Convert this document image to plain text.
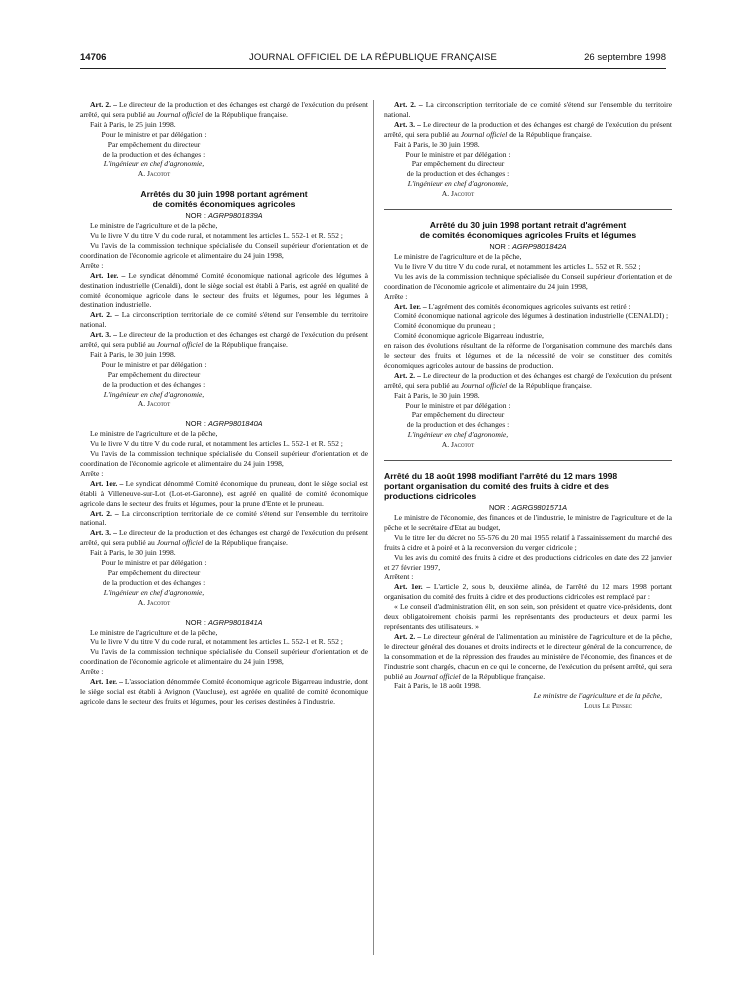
14706	JOURNAL OFFICIEL DE LA RÉPUBLIQUE FRANÇAISE	26 septembre 1998

Art. 2. – Le directeur de la production et des échanges est chargé de l'exécution du présent arrêté, qui sera publié au Journal officiel de la République française.

Fait à Paris, le 25 juin 1998.

Pour le ministre et par délégation :

Par empêchement du directeur

de la production et des échanges :

L'ingénieur en chef d'agronomie,

A. Jacotot

Arrêtés du 30 juin 1998 portant agrément
de comités économiques agricoles

NOR : AGRP9801839A

Le ministre de l'agriculture et de la pêche,

Vu le livre V du titre V du code rural, et notamment les articles L. 552-1 et R. 552 ;

Vu l'avis de la commission technique spécialisée du Conseil supérieur d'orientation et de coordination de l'économie agricole et alimentaire du 24 juin 1998,

Arrête :

Art. 1er. – Le syndicat dénommé Comité économique national agricole des légumes à destination industrielle (Cenaldi), dont le siège social est établi à Paris, est agréé en qualité de comité économique agricole dans le secteur des fruits et légumes, pour les légumes à destination industrielle.

Art. 2. – La circonscription territoriale de ce comité s'étend sur l'ensemble du territoire national.

Art. 3. – Le directeur de la production et des échanges est chargé de l'exécution du présent arrêté, qui sera publié au Journal officiel de la République française.

Fait à Paris, le 30 juin 1998.

Pour le ministre et par délégation :

Par empêchement du directeur

de la production et des échanges :

L'ingénieur en chef d'agronomie,

A. Jacotot

NOR : AGRP9801840A

Le ministre de l'agriculture et de la pêche,

Vu le livre V du titre V du code rural, et notamment les articles L. 552-1 et R. 552 ;

Vu l'avis de la commission technique spécialisée du Conseil supérieur d'orientation et de coordination de l'économie agricole et alimentaire du 24 juin 1998,

Arrête :

Art. 1er. – Le syndicat dénommé Comité économique du pruneau, dont le siège social est établi à Villeneuve-sur-Lot (Lot-et-Garonne), est agréé en qualité de comité économique agricole dans le secteur des fruits et légumes, pour la prune d'Ente et le pruneau.

Art. 2. – La circonscription territoriale de ce comité s'étend sur l'ensemble du territoire national.

Art. 3. – Le directeur de la production et des échanges est chargé de l'exécution du présent arrêté, qui sera publié au Journal officiel de la République française.

Fait à Paris, le 30 juin 1998.

Pour le ministre et par délégation :

Par empêchement du directeur

de la production et des échanges :

L'ingénieur en chef d'agronomie,

A. Jacotot

NOR : AGRP9801841A

Le ministre de l'agriculture et de la pêche,

Vu le livre V du titre V du code rural, et notamment les articles L. 552-1 et R. 552 ;

Vu l'avis de la commission technique spécialisée du Conseil supérieur d'orientation et de coordination de l'économie agricole et alimentaire du 24 juin 1998,

Arrête :

Art. 1er. – L'association dénommée Comité économique agricole Bigarreau industrie, dont le siège social est établi à Avignon (Vaucluse), est agréée en qualité de comité économique agricole dans le secteur des fruits et légumes, pour les cerises destinées à l'industrie.

Art. 2. – La circonscription territoriale de ce comité s'étend sur l'ensemble du territoire national.

Art. 3. – Le directeur de la production et des échanges est chargé de l'exécution du présent arrêté, qui sera publié au Journal officiel de la République française.

Fait à Paris, le 30 juin 1998.

Pour le ministre et par délégation :

Par empêchement du directeur

de la production et des échanges :

L'ingénieur en chef d'agronomie,

A. Jacotot

Arrêté du 30 juin 1998 portant retrait d'agrément
de comités économiques agricoles Fruits et légumes

NOR : AGRP9801842A

Le ministre de l'agriculture et de la pêche,

Vu le livre V du titre V du code rural, et notamment les articles L. 552 et R. 552 ;

Vu les avis de la commission technique spécialisée du Conseil supérieur d'orientation et de coordination de l'économie agricole et alimentaire du 24 juin 1998,

Arrête :

Art. 1er. – L'agrément des comités économiques agricoles suivants est retiré :

Comité économique national agricole des légumes à destination industrielle (CENALDI) ;

Comité économique du pruneau ;

Comité économique agricole Bigarreau industrie,

en raison des évolutions résultant de la réforme de l'organisation commune des marchés dans le secteur des fruits et légumes et de la nécessité de voir se constituer des comités économiques agricoles autour de bassins de production.

Art. 2. – Le directeur de la production et des échanges est chargé de l'exécution du présent arrêté, qui sera publié au Journal officiel de la République française.

Fait à Paris, le 30 juin 1998.

Pour le ministre et par délégation :

Par empêchement du directeur

de la production et des échanges :

L'ingénieur en chef d'agronomie,

A. Jacotot

Arrêté du 18 août 1998 modifiant l'arrêté du 12 mars 1998
portant organisation du comité des fruits à cidre et des
productions cidricoles

NOR : AGRG9801571A

Le ministre de l'économie, des finances et de l'industrie, le ministre de l'agriculture et de la pêche et le secrétaire d'Etat au budget,

Vu le titre Ier du décret no 55-576 du 20 mai 1955 relatif à l'assainissement du marché des fruits à cidre et à poiré et à la reconversion du verger cidricole ;

Vu les avis du comité des fruits à cidre et des productions cidricoles en date des 22 janvier et 27 février 1997,

Arrêtent :

Art. 1er. – L'article 2, sous b, deuxième alinéa, de l'arrêté du 12 mars 1998 portant organisation du comité des fruits à cidre et des productions cidricoles est remplacé par :

« Le conseil d'administration élit, en son sein, son président et quatre vice-présidents, dont deux obligatoirement choisis parmi les représentants des producteurs et deux parmi les représentants des utilisateurs. »

Art. 2. – Le directeur général de l'alimentation au ministère de l'agriculture et de la pêche, le directeur général des douanes et droits indirects et le directeur général de la concurrence, de la consommation et de la répression des fraudes au ministère de l'économie, des finances et de l'industrie sont chargés, chacun en ce qui le concerne, de l'exécution du présent arrêté, qui sera publié au Journal officiel de la République française.

Fait à Paris, le 18 août 1998.

Le ministre de l'agriculture et de la pêche,

Louis Le Pensec
